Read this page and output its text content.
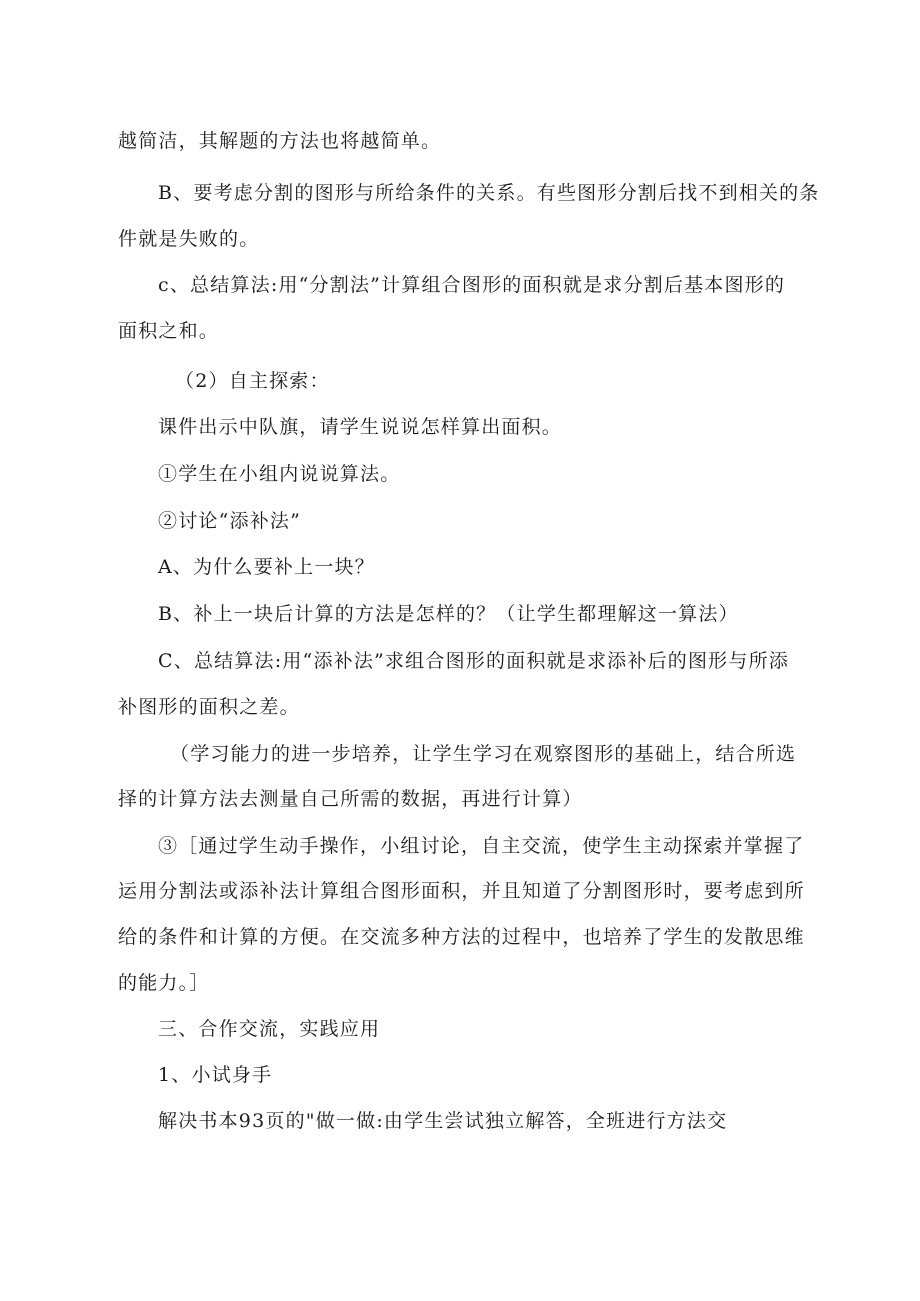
越简洁，其解题的方法也将越简单。
B、要考虑分割的图形与所给条件的关系。有些图形分割后找不到相关的条
件就是失败的。
c、总结算法:用“分割法”计算组合图形的面积就是求分割后基本图形的
面积之和。
（2）自主探索：
课件出示中队旗，请学生说说怎样算出面积。
①学生在小组内说说算法。
②讨论“添补法”
A、为什么要补上一块？
B、补上一块后计算的方法是怎样的？（让学生都理解这一算法）
C、总结算法:用“添补法”求组合图形的面积就是求添补后的图形与所添
补图形的面积之差。
（学习能力的进一步培养，让学生学习在观察图形的基础上，结合所选
择的计算方法去测量自己所需的数据，再进行计算）
③［通过学生动手操作，小组讨论，自主交流，使学生主动探索并掌握了
运用分割法或添补法计算组合图形面积，并且知道了分割图形时，要考虑到所
给的条件和计算的方便。在交流多种方法的过程中，也培养了学生的发散思维
的能力。］
三、合作交流，实践应用
1、小试身手
解决书本93页的"做一做:由学生尝试独立解答，全班进行方法交
